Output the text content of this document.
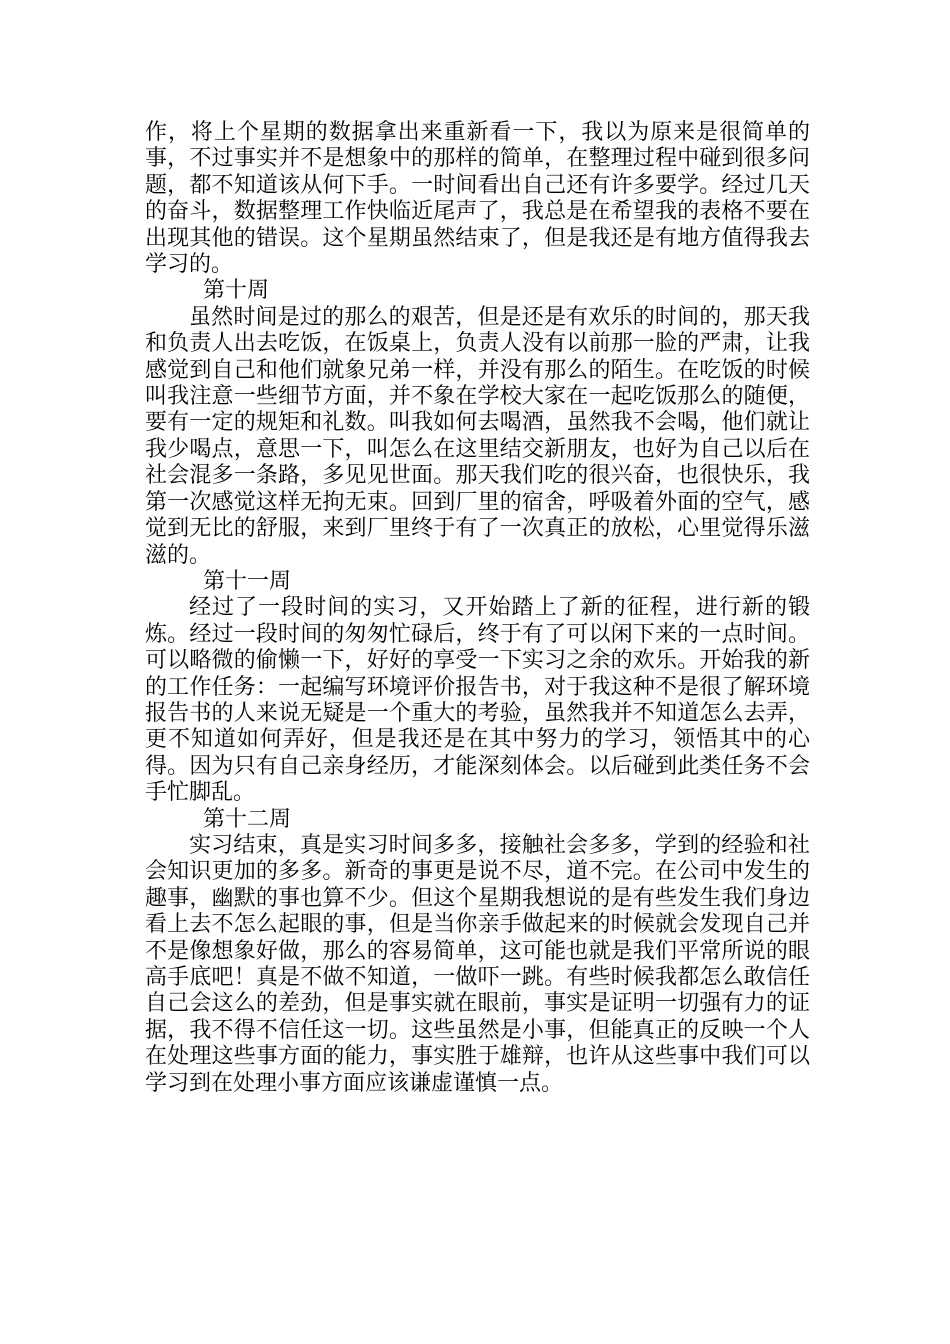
作，将上个星期的数据拿出来重新看一下，我以为原来是很简单的事，不过事实并不是想象中的那样的简单，在整理过程中碰到很多问题，都不知道该从何下手。一时间看出自己还有许多要学。经过几天的奋斗，数据整理工作快临近尾声了，我总是在希望我的表格不要在出现其他的错误。这个星期虽然结束了，但是我还是有地方值得我去学习的。

第十周

虽然时间是过的那么的艰苦，但是还是有欢乐的时间的，那天我和负责人出去吃饭，在饭桌上，负责人没有以前那一脸的严肃，让我感觉到自己和他们就象兄弟一样，并没有那么的陌生。在吃饭的时候叫我注意一些细节方面，并不象在学校大家在一起吃饭那么的随便，要有一定的规矩和礼数。叫我如何去喝酒，虽然我不会喝，他们就让我少喝点，意思一下，叫怎么在这里结交新朋友，也好为自己以后在社会混多一条路，多见见世面。那天我们吃的很兴奋，也很快乐，我第一次感觉这样无拘无束。回到厂里的宿舍，呼吸着外面的空气，感觉到无比的舒服，来到厂里终于有了一次真正的放松，心里觉得乐滋滋的。

第十一周

经过了一段时间的实习，又开始踏上了新的征程，进行新的锻炼。经过一段时间的匆匆忙碌后，终于有了可以闲下来的一点时间。可以略微的偷懒一下，好好的享受一下实习之余的欢乐。开始我的新的工作任务：一起编写环境评价报告书，对于我这种不是很了解环境报告书的人来说无疑是一个重大的考验，虽然我并不知道怎么去弄，更不知道如何弄好，但是我还是在其中努力的学习，领悟其中的心得。因为只有自己亲身经历，才能深刻体会。以后碰到此类任务不会手忙脚乱。

第十二周

实习结束，真是实习时间多多，接触社会多多，学到的经验和社会知识更加的多多。新奇的事更是说不尽，道不完。在公司中发生的趣事，幽默的事也算不少。但这个星期我想说的是有些发生我们身边看上去不怎么起眼的事，但是当你亲手做起来的时候就会发现自己并不是像想象好做，那么的容易简单，这可能也就是我们平常所说的眼高手底吧！真是不做不知道，一做吓一跳。有些时候我都怎么敢信任自己会这么的差劲，但是事实就在眼前，事实是证明一切强有力的证据，我不得不信任这一切。这些虽然是小事，但能真正的反映一个人在处理这些事方面的能力，事实胜于雄辩，也许从这些事中我们可以学习到在处理小事方面应该谦虚谨慎一点。
